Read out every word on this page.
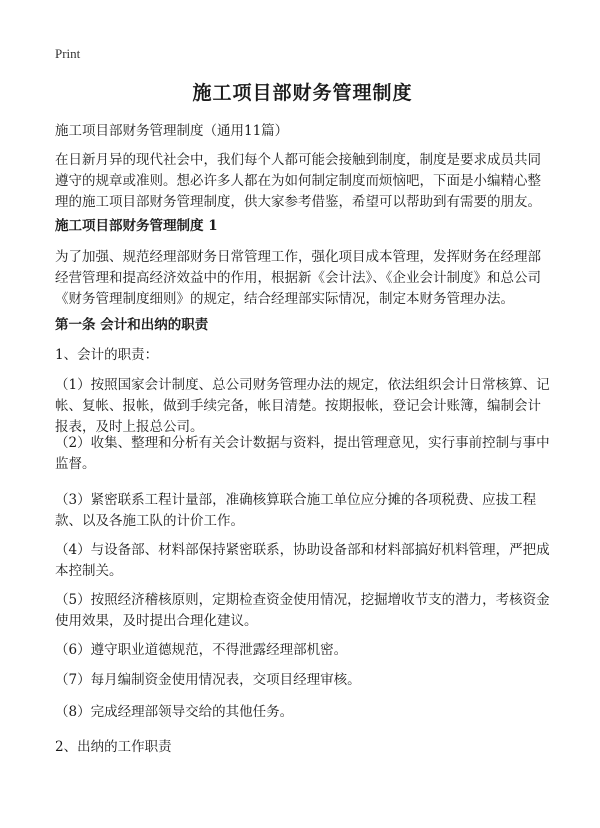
Print
施工项目部财务管理制度
施工项目部财务管理制度（通用11篇）
在日新月异的现代社会中，我们每个人都可能会接触到制度，制度是要求成员共同遵守的规章或准则。想必许多人都在为如何制定制度而烦恼吧，下面是小编精心整理的施工项目部财务管理制度，供大家参考借鉴，希望可以帮助到有需要的朋友。
施工项目部财务管理制度 1
为了加强、规范经理部财务日常管理工作，强化项目成本管理，发挥财务在经理部经营管理和提高经济效益中的作用，根据新《会计法》、《企业会计制度》和总公司《财务管理制度细则》的规定，结合经理部实际情况，制定本财务管理办法。
第一条 会计和出纳的职责
1、会计的职责：
（1）按照国家会计制度、总公司财务管理办法的规定，依法组织会计日常核算、记帐、复帐、报帐，做到手续完备，帐目清楚。按期报帐，登记会计账簿，编制会计报表，及时上报总公司。
（2）收集、整理和分析有关会计数据与资料，提出管理意见，实行事前控制与事中监督。
（3）紧密联系工程计量部，准确核算联合施工单位应分摊的各项税费、应拔工程款、以及各施工队的计价工作。
（4）与设备部、材料部保持紧密联系，协助设备部和材料部搞好机料管理，严把成本控制关。
（5）按照经济稽核原则，定期检查资金使用情况，挖掘增收节支的潜力，考核资金使用效果，及时提出合理化建议。
（6）遵守职业道德规范，不得泄露经理部机密。
（7）每月编制资金使用情况表，交项目经理审核。
（8）完成经理部领导交给的其他任务。
2、出纳的工作职责
